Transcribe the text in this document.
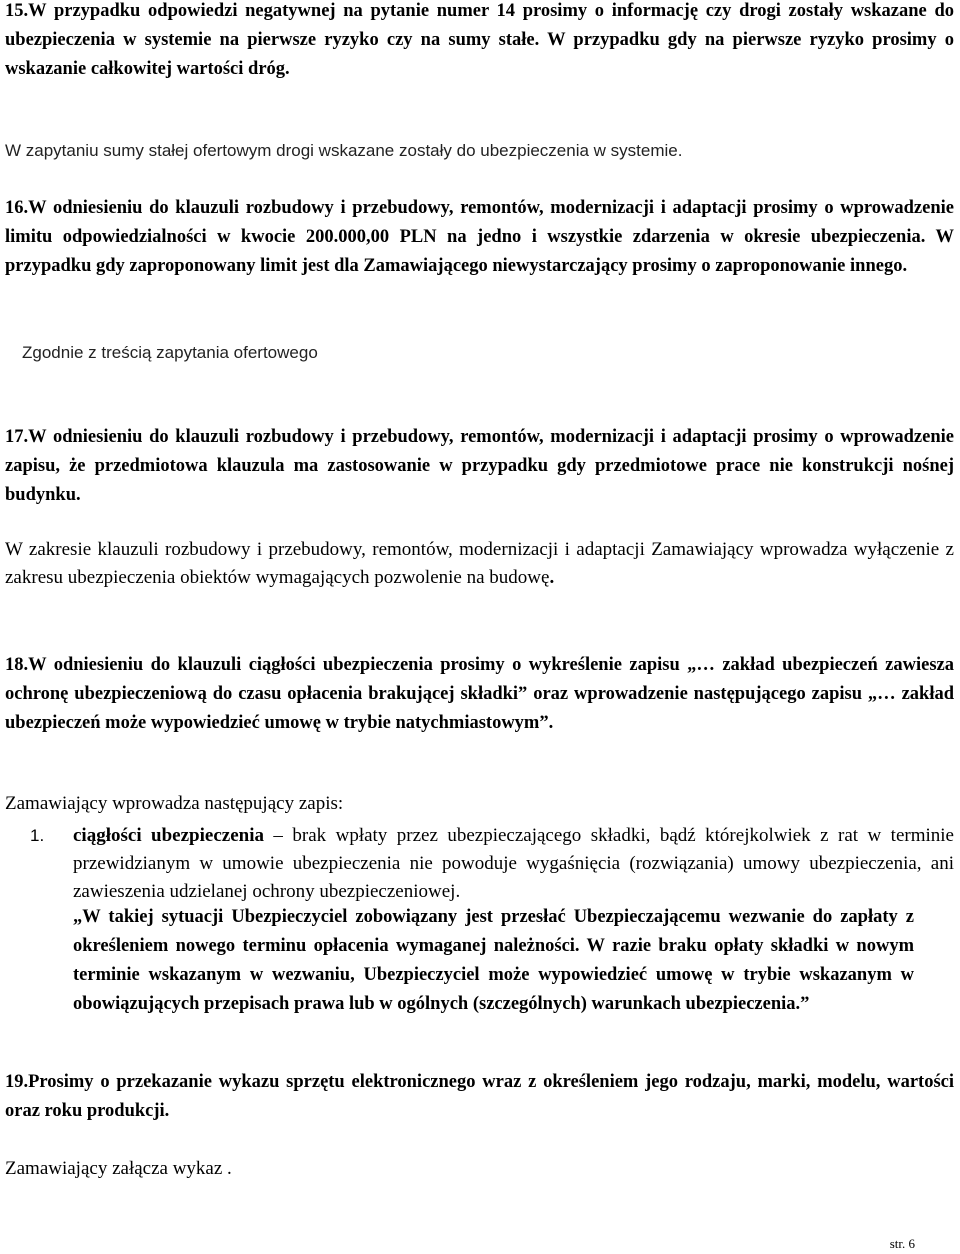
15.W przypadku odpowiedzi negatywnej na pytanie numer 14 prosimy o informację czy drogi zostały wskazane do ubezpieczenia w systemie na pierwsze ryzyko czy na sumy stałe. W przypadku gdy na pierwsze ryzyko prosimy o wskazanie całkowitej wartości dróg.
W zapytaniu sumy stałej ofertowym drogi wskazane zostały do ubezpieczenia w systemie.
16.W odniesieniu do klauzuli rozbudowy i przebudowy, remontów, modernizacji i adaptacji prosimy o wprowadzenie limitu odpowiedzialności w kwocie 200.000,00 PLN na jedno i wszystkie zdarzenia w okresie ubezpieczenia. W przypadku gdy zaproponowany limit jest dla Zamawiającego niewystarczający prosimy o zaproponowanie innego.
Zgodnie z treścią zapytania ofertowego
17.W odniesieniu do klauzuli rozbudowy i przebudowy, remontów, modernizacji i adaptacji prosimy o wprowadzenie zapisu, że przedmiotowa klauzula ma zastosowanie w przypadku gdy przedmiotowe prace nie konstrukcji nośnej budynku.
W zakresie klauzuli rozbudowy i przebudowy, remontów, modernizacji i adaptacji Zamawiający wprowadza wyłączenie z zakresu ubezpieczenia obiektów wymagających pozwolenie na budowę.
18.W odniesieniu do klauzuli ciągłości ubezpieczenia prosimy o wykreślenie zapisu „… zakład ubezpieczeń zawiesza ochronę ubezpieczeniową do czasu opłacenia brakującej składki” oraz wprowadzenie następującego zapisu „… zakład ubezpieczeń może wypowiedzieć umowę w trybie natychmiastowym”.
Zamawiający wprowadza następujący zapis:
1.	ciągłości ubezpieczenia – brak wpłaty przez ubezpieczającego składki, bądź którejkolwiek z rat w terminie przewidzianym w umowie ubezpieczenia nie powoduje wygaśnięcia (rozwiązania) umowy ubezpieczenia, ani zawieszenia udzielanej ochrony ubezpieczeniowej.
„W takiej sytuacji Ubezpieczyciel zobowiązany jest przesłać Ubezpieczającemu wezwanie do zapłaty z określeniem nowego terminu opłacenia wymaganej należności. W razie braku opłaty składki w nowym terminie wskazanym w wezwaniu, Ubezpieczyciel może wypowiedzieć umowę w trybie wskazanym w obowiązujących przepisach prawa lub w ogólnych (szczególnych) warunkach ubezpieczenia.”
19.Prosimy o przekazanie wykazu sprzętu elektronicznego wraz z określeniem jego rodzaju, marki, modelu, wartości oraz roku produkcji.
Zamawiający załącza wykaz .
str. 6
